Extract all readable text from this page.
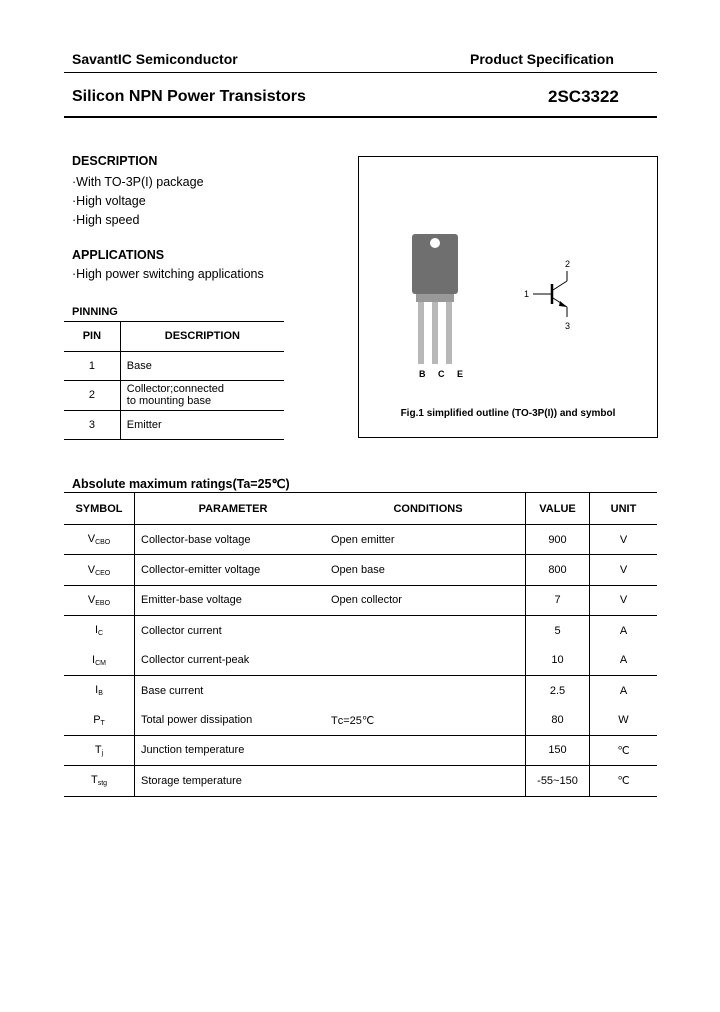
SavantIC Semiconductor	Product Specification
Silicon NPN Power Transistors	2SC3322
DESCRIPTION
·With TO-3P(I) package
·High voltage
·High speed
APPLICATIONS
·High power switching applications
PINNING
PIN	DESCRIPTION
1	Base
2	Collector;connected to mounting base
3	Emitter
B C E
1
2
3
Fig.1 simplified outline (TO-3P(I)) and symbol
Absolute maximum ratings(Ta=25℃)
SYMBOL	PARAMETER	CONDITIONS	VALUE	UNIT
$V_{CBO}$	Collector-base voltage	Open emitter	900	V
$V_{CEO}$	Collector-emitter voltage	Open base	800	V
$V_{EBO}$	Emitter-base voltage	Open collector	7	V
$I_C$	Collector current		5	A
$I_{CM}$	Collector current-peak		10	A
$I_B$	Base current		2.5	A
$P_T$	Total power dissipation	Tᴄ=25℃	80	W
$T_j$	Junction temperature		150	℃
$T_{stg}$	Storage temperature		-55~150	℃
